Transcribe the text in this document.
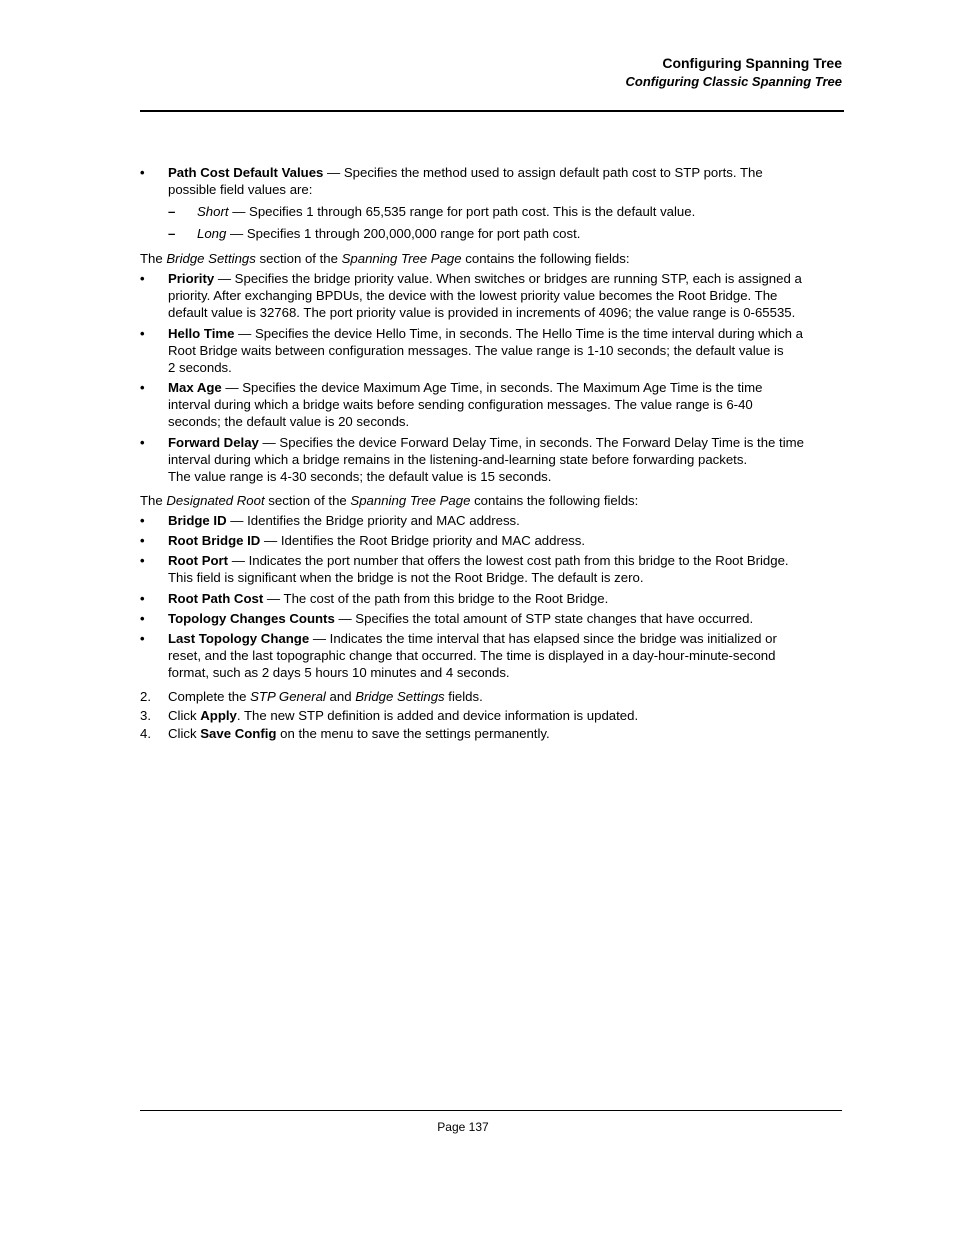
Configuring Spanning Tree
Configuring Classic Spanning Tree
• Path Cost Default Values — Specifies the method used to assign default path cost to STP ports. The
possible field values are:
– Short — Specifies 1 through 65,535 range for port path cost. This is the default value.
– Long — Specifies 1 through 200,000,000 range for port path cost.
The Bridge Settings section of the Spanning Tree Page contains the following fields:
• Priority — Specifies the bridge priority value. When switches or bridges are running STP, each is assigned a
priority. After exchanging BPDUs, the device with the lowest priority value becomes the Root Bridge. The
default value is 32768. The port priority value is provided in increments of 4096; the value range is 0-65535.
• Hello Time — Specifies the device Hello Time, in seconds. The Hello Time is the time interval during which a
Root Bridge waits between configuration messages. The value range is 1-10 seconds; the default value is
2 seconds.
• Max Age — Specifies the device Maximum Age Time, in seconds. The Maximum Age Time is the time
interval during which a bridge waits before sending configuration messages. The value range is 6-40
seconds; the default value is 20 seconds.
• Forward Delay — Specifies the device Forward Delay Time, in seconds. The Forward Delay Time is the time
interval during which a bridge remains in the listening-and-learning state before forwarding packets.
The value range is 4-30 seconds; the default value is 15 seconds.
The Designated Root section of the Spanning Tree Page contains the following fields:
• Bridge ID — Identifies the Bridge priority and MAC address.
• Root Bridge ID — Identifies the Root Bridge priority and MAC address.
• Root Port — Indicates the port number that offers the lowest cost path from this bridge to the Root Bridge.
This field is significant when the bridge is not the Root Bridge. The default is zero.
• Root Path Cost — The cost of the path from this bridge to the Root Bridge.
• Topology Changes Counts — Specifies the total amount of STP state changes that have occurred.
• Last Topology Change — Indicates the time interval that has elapsed since the bridge was initialized or
reset, and the last topographic change that occurred. The time is displayed in a day-hour-minute-second
format, such as 2 days 5 hours 10 minutes and 4 seconds.
2. Complete the STP General and Bridge Settings fields.
3. Click Apply. The new STP definition is added and device information is updated.
4. Click Save Config on the menu to save the settings permanently.
Page 137
